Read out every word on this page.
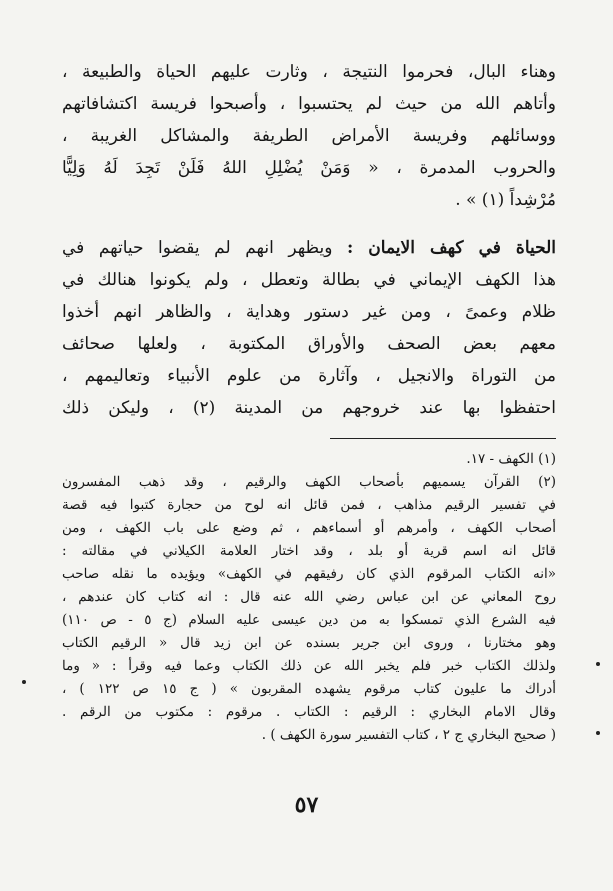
وهناء البال، فحرموا النتيجة ، وثارت عليهم الحياة والطبيعة ،
وأتاهم الله من حيث لم يحتسبوا ، وأصبحوا فريسة اكتشافاتهم
ووسائلهم وفريسة الأمراض الطريفة والمشاكل الغريبة ،
والحروب المدمرة ، « وَمَنْ يُضْلِلِ اللهُ فَلَنْ تَجِدَ لَهُ وَلِيًّا
مُرْشِداً (١) » .
الحياة في كهف الايمان : ويظهر انهم لم يقضوا حياتهم في
هذا الكهف الإيماني في بطالة وتعطل ، ولم يكونوا هنالك في
ظلام وعمىً ، ومن غير دستور وهداية ، والظاهر انهم أخذوا
معهم بعض الصحف والأوراق المكتوبة ، ولعلها صحائف
من التوراة والانجيل ، وآثارة من علوم الأنبياء وتعاليمهم ،
احتفظوا بها عند خروجهم من المدينة (٢) ، وليكن ذلك
(١) الكهف - ١٧.
(٢) القرآن يسميهم بأصحاب الكهف والرقيم ، وقد ذهب المفسرون
في تفسير الرقيم مذاهب ، فمن قائل انه لوح من حجارة كتبوا فيه قصة
أصحاب الكهف ، وأمرهم أو أسماءهم ، ثم وضع على باب الكهف ، ومن
قائل انه اسم قرية أو بلد ، وقد اختار العلامة الكيلاني في مقالته :
«انه الكتاب المرقوم الذي كان رفيقهم في الكهف» ويؤيده ما نقله صاحب
روح المعاني عن ابن عباس رضي الله عنه قال : انه كتاب كان عندهم ،
فيه الشرع الذي تمسكوا به من دين عيسى عليه السلام (ج ٥ - ص ١١٠)
وهو مختارنا ، وروى ابن جرير بسنده عن ابن زيد قال « الرقيم الكتاب
ولذلك الكتاب خبر فلم يخبر الله عن ذلك الكتاب وعما فيه وقرأ : « وما
أدراك ما عليون كتاب مرقوم يشهده المقربون » ( ج ١٥ ص ١٢٢ ) ،
وقال الامام البخاري : الرقيم : الكتاب . مرقوم : مكتوب من الرقم .
( صحيح البخاري ج ٢ ، كتاب التفسير سورة الكهف ) .
٥٧
